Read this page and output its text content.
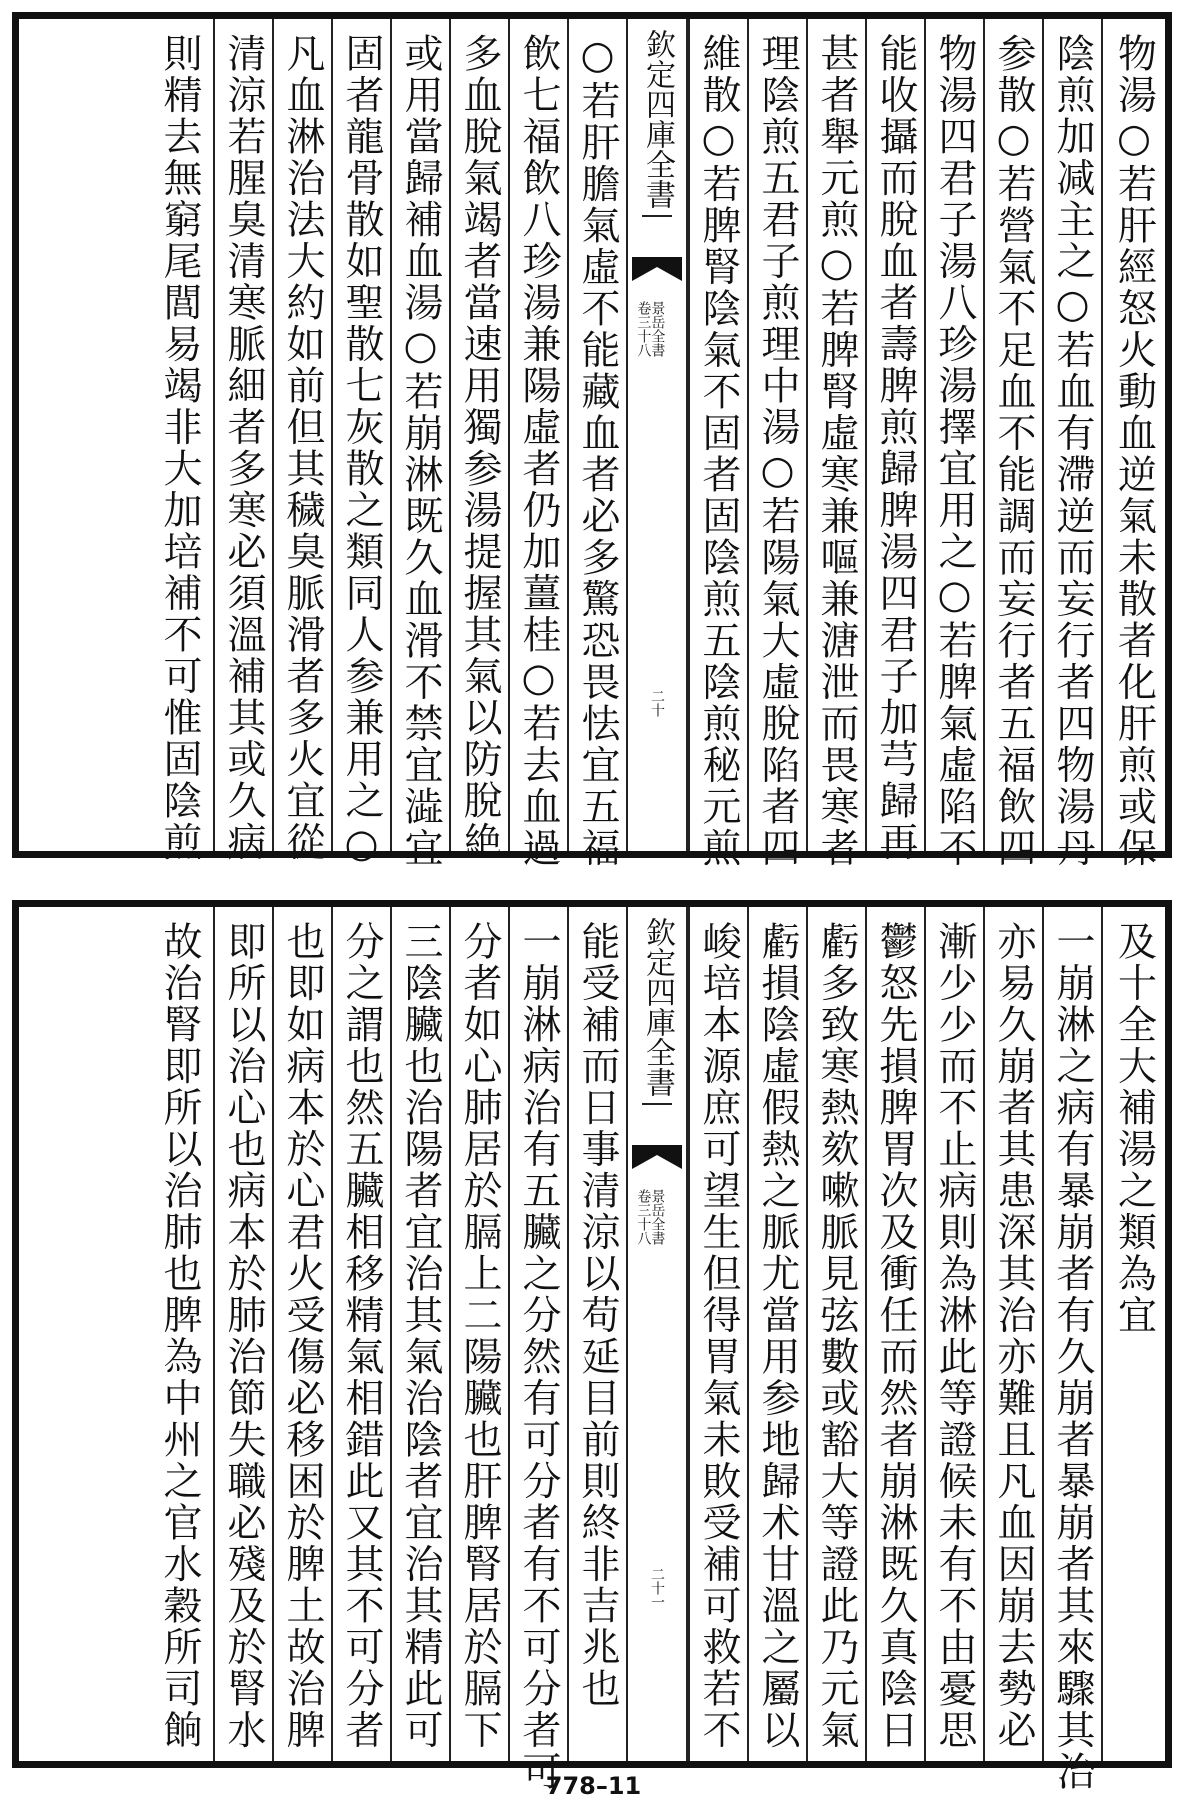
物湯○若肝經怒火動血逆氣未散者化肝煎或保
陰煎加减主之○若血有滯逆而妄行者四物湯丹
参散○若營氣不足血不能調而妄行者五福飲四
物湯四君子湯八珍湯擇宜用之○若脾氣虛陷不
能收攝而脫血者壽脾煎歸脾湯四君子加芎歸再
甚者舉元煎○若脾腎虛寒兼嘔兼溏泄而畏寒者
理陰煎五君子煎理中湯○若陽氣大虛脫陷者四
維散○若脾腎陰氣不固者固陰煎五陰煎秘元煎
欽定四庫全書
景岳全書
卷三十八
二十
○若肝膽氣虛不能藏血者必多驚恐畏怯宜五福
飲七福飲八珍湯兼陽虛者仍加薑桂○若去血過
多血脫氣竭者當速用獨参湯提握其氣以防脫絶
或用當歸補血湯○若崩淋既久血滑不禁宜澁宜
固者龍骨散如聖散七灰散之類同人参兼用之○
凡血淋治法大約如前但其穢臭脈滑者多火宜從
清涼若腥臭清寒脈細者多寒必須溫補其或久病
則精去無窮尾閭易竭非大加培補不可惟固陰煎
及十全大補湯之類為宜
一崩淋之病有暴崩者有久崩者暴崩者其來驟其治
亦易久崩者其患深其治亦難且凡血因崩去勢必
漸少少而不止病則為淋此等證候未有不由憂思
鬱怒先損脾胃次及衝任而然者崩淋既久真陰日
虧多致寒熱欬嗽脈見弦數或豁大等證此乃元氣
虧損陰虛假熱之脈尤當用参地歸术甘溫之屬以
峻培本源庶可望生但得胃氣未敗受補可救若不
欽定四庫全書
景岳全書
卷三十八
二十一
能受補而日事清涼以苟延目前則終非吉兆也
一崩淋病治有五臟之分然有可分者有不可分者可
分者如心肺居於膈上二陽臟也肝脾腎居於膈下
三陰臟也治陽者宜治其氣治陰者宜治其精此可
分之謂也然五臟相移精氣相錯此又其不可分者
也即如病本於心君火受傷必移困於脾土故治脾
即所以治心也病本於肺治節失職必殘及於腎水
故治腎即所以治肺也脾為中州之官水穀所司餉
778–11
